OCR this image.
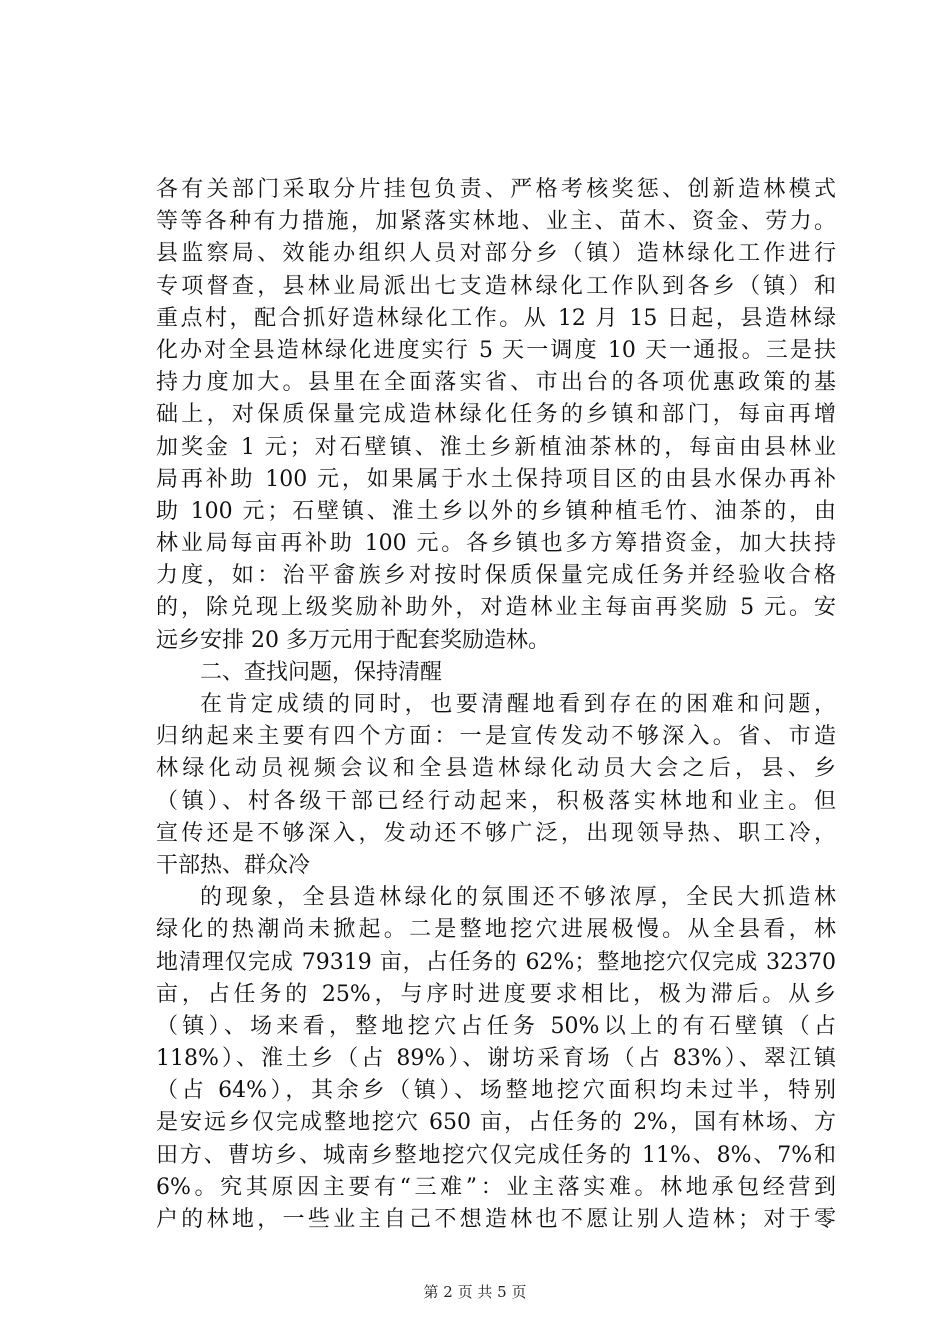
各有关部门采取分片挂包负责、严格考核奖惩、创新造林模式
等等各种有力措施，加紧落实林地、业主、苗木、资金、劳力。
县监察局、效能办组织人员对部分乡（镇）造林绿化工作进行
专项督查，县林业局派出七支造林绿化工作队到各乡（镇）和
重点村，配合抓好造林绿化工作。从 12 月 15 日起，县造林绿
化办对全县造林绿化进度实行 5 天一调度 10 天一通报。三是扶
持力度加大。县里在全面落实省、市出台的各项优惠政策的基
础上，对保质保量完成造林绿化任务的乡镇和部门，每亩再增
加奖金 1 元；对石壁镇、淮土乡新植油茶林的，每亩由县林业
局再补助 100 元，如果属于水土保持项目区的由县水保办再补
助 100 元；石壁镇、淮土乡以外的乡镇种植毛竹、油茶的，由
林业局每亩再补助 100 元。各乡镇也多方筹措资金，加大扶持
力度，如：治平畲族乡对按时保质保量完成任务并经验收合格
的，除兑现上级奖励补助外，对造林业主每亩再奖励 5 元。安
远乡安排 20 多万元用于配套奖励造林。
二、查找问题，保持清醒
在肯定成绩的同时，也要清醒地看到存在的困难和问题，
归纳起来主要有四个方面：一是宣传发动不够深入。省、市造
林绿化动员视频会议和全县造林绿化动员大会之后，县、乡
（镇）、村各级干部已经行动起来，积极落实林地和业主。但
宣传还是不够深入，发动还不够广泛，出现领导热、职工冷，
干部热、群众冷
的现象，全县造林绿化的氛围还不够浓厚，全民大抓造林
绿化的热潮尚未掀起。二是整地挖穴进展极慢。从全县看，林
地清理仅完成 79319 亩，占任务的 62%；整地挖穴仅完成 32370
亩，占任务的 25%，与序时进度要求相比，极为滞后。从乡
（镇）、场来看，整地挖穴占任务 50%以上的有石壁镇（占
118%）、淮土乡（占 89%）、谢坊采育场（占 83%）、翠江镇
（占 64%），其余乡（镇）、场整地挖穴面积均未过半，特别
是安远乡仅完成整地挖穴 650 亩，占任务的 2%，国有林场、方
田方、曹坊乡、城南乡整地挖穴仅完成任务的 11%、8%、7%和
6%。究其原因主要有“三难”：业主落实难。林地承包经营到
户的林地，一些业主自己不想造林也不愿让别人造林；对于零
第 2 页 共 5 页
